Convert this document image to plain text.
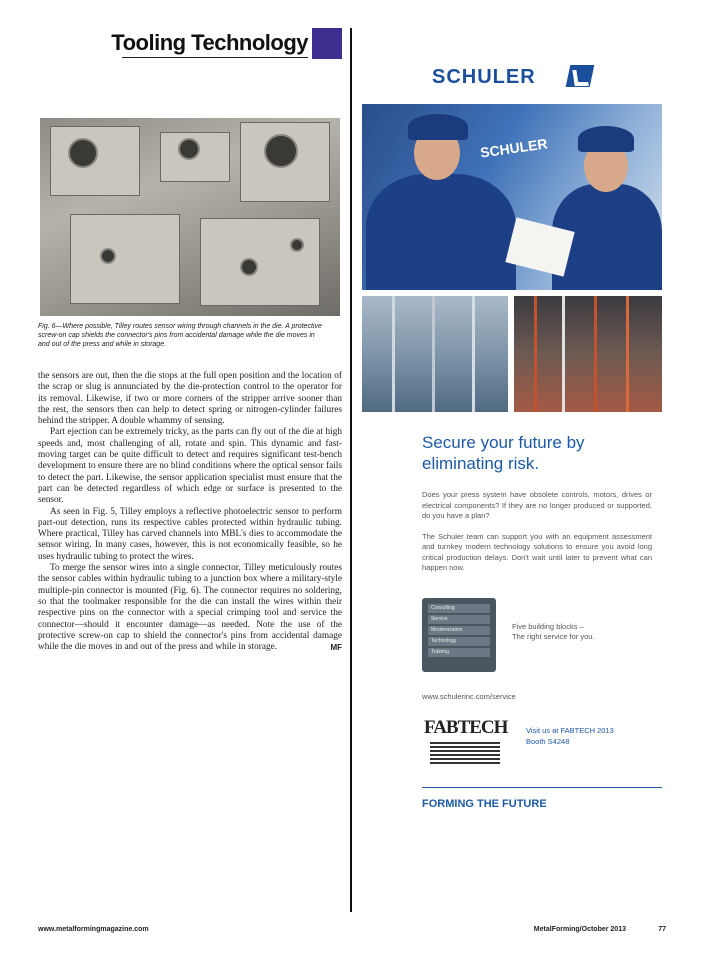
Tooling Technology
Fig. 6—Where possible, Tilley routes sensor wiring through channels in the die. A protective screw-on cap shields the connector's pins from accidental damage while the die moves in and out of the press and while in storage.

the sensors are out, then the die stops at the full open position and the location of the scrap or slug is annunciated by the die-protection control to the operator for its removal. Likewise, if two or more corners of the stripper arrive sooner than the rest, the sensors then can help to detect spring or nitrogen-cylinder failures behind the stripper. A double whammy of sensing.

Part ejection can be extremely tricky, as the parts can fly out of the die at high speeds and, most challenging of all, rotate and spin. This dynamic and fast-moving target can be quite difficult to detect and requires significant test-bench development to ensure there are no blind conditions where the optical sensor fails to detect the part. Likewise, the sensor application specialist must ensure that the part can be detected regardless of which edge or surface is presented to the sensor.

As seen in Fig. 5, Tilley employs a reflective photoelectric sensor to perform part-out detection, runs its respective cables protected within hydraulic tubing. Where practical, Tilley has carved channels into MBL's dies to accommodate the sensor wiring. In many cases, however, this is not economically feasible, so he uses hydraulic tubing to protect the wires.

To merge the sensor wires into a single connector, Tilley meticulously routes the sensor cables within hydraulic tubing to a junction box where a military-style multiple-pin connector is mounted (Fig. 6). The connector requires no soldering, so that the toolmaker responsible for the die can install the wires within their respective pins on the connector with a special crimping tool and service the connector—should it encounter damage—as needed. Note the use of the protective screw-on cap to shield the connector's pins from accidental damage while the die moves in and out of the press and while in storage.	MF

SCHULER
SCHULER
Secure your future by eliminating risk.
Does your press system have obsolete controls, motors, drives or electrical components? If they are no longer produced or supported, do you have a plan?
The Schuler team can support you with an equipment assessment and turnkey modern technology solutions to ensure you avoid long critical production delays. Don't wait until later to prevent what can happen now.
Consulting
Service
Modernization
Technology
Training
Five building blocks –
The right service for you.
www.schulerinc.com/service
FABTECH Visit us at FABTECH 2013
Booth S4248
FORMING THE FUTURE
www.metalformingmagazine.com	MetalForming/October 2013	77
